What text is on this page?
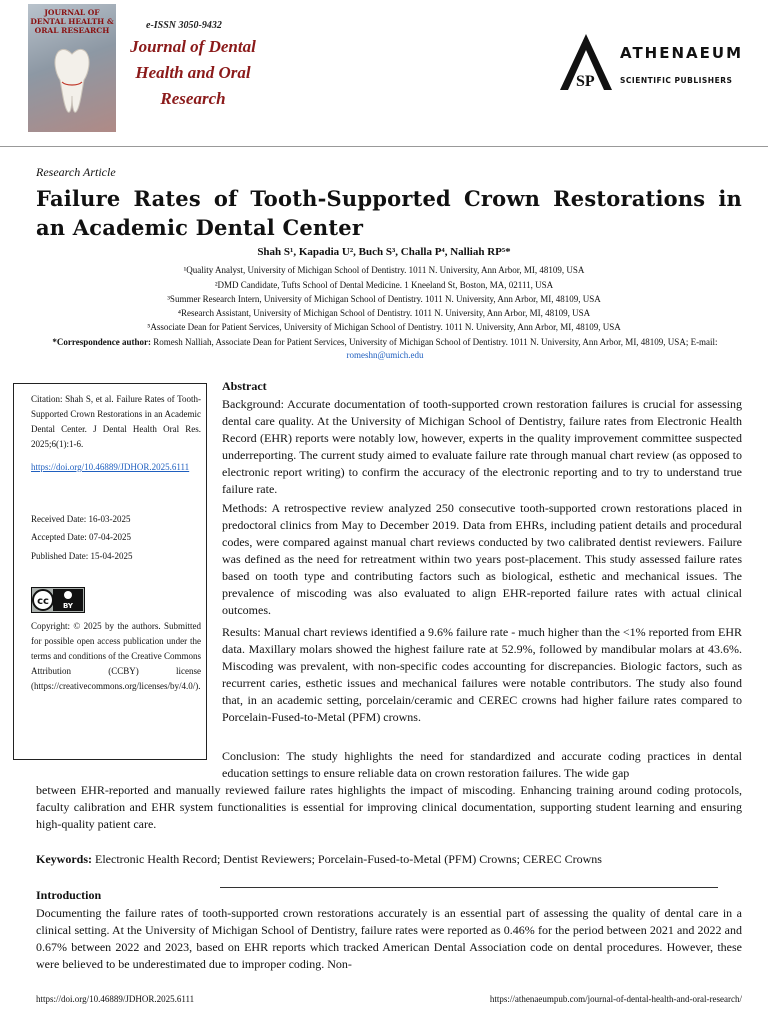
JOURNAL OF DENTAL HEALTH & ORAL RESEARCH	e-ISSN 3050-9432
Journal of Dental Health and Oral Research
SP
ATHENAEUM
SCIENTIFIC PUBLISHERS
Research Article
Failure Rates of Tooth-Supported Crown Restorations in an Academic Dental Center
Shah S¹, Kapadia U², Buch S³, Challa P⁴, Nalliah RP⁵*
¹Quality Analyst, University of Michigan School of Dentistry. 1011 N. University, Ann Arbor, MI, 48109, USA
²DMD Candidate, Tufts School of Dental Medicine. 1 Kneeland St, Boston, MA, 02111, USA
³Summer Research Intern, University of Michigan School of Dentistry. 1011 N. University, Ann Arbor, MI, 48109, USA
⁴Research Assistant, University of Michigan School of Dentistry. 1011 N. University, Ann Arbor, MI, 48109, USA
⁵Associate Dean for Patient Services, University of Michigan School of Dentistry. 1011 N. University, Ann Arbor, MI, 48109, USA
*Correspondence author: Romesh Nalliah, Associate Dean for Patient Services, University of Michigan School of Dentistry. 1011 N. University, Ann Arbor, MI, 48109, USA; E-mail: romeshn@umich.edu
Citation: Shah S, et al. Failure Rates of Tooth-Supported Crown Restorations in an Academic Dental Center. J Dental Health Oral Res. 2025;6(1):1-6.
https://doi.org/10.46889/JDHOR.2025.6111
Received Date: 16-03-2025
Accepted Date: 07-04-2025
Published Date: 15-04-2025
cc BY
Copyright: © 2025 by the authors. Submitted for possible open access publication under the terms and conditions of the Creative Commons Attribution (CCBY) license (https://creativecommons.org/licenses/by/4.0/).
Abstract
Background: Accurate documentation of tooth-supported crown restoration failures is crucial for assessing dental care quality. At the University of Michigan School of Dentistry, failure rates from Electronic Health Record (EHR) reports were notably low, however, experts in the quality improvement committee suspected underreporting. The current study aimed to evaluate failure rate through manual chart review (as opposed to electronic report writing) to confirm the accuracy of the electronic reporting and to try to understand true failure rate.
Methods: A retrospective review analyzed 250 consecutive tooth-supported crown restorations placed in predoctoral clinics from May to December 2019. Data from EHRs, including patient details and procedural codes, were compared against manual chart reviews conducted by two calibrated dentist reviewers. Failure was defined as the need for retreatment within two years post-placement. This study assessed failure rates based on tooth type and contributing factors such as biological, esthetic and mechanical issues. The prevalence of miscoding was also evaluated to align EHR-reported failure rates with actual clinical outcomes.
Results: Manual chart reviews identified a 9.6% failure rate - much higher than the <1% reported from EHR data. Maxillary molars showed the highest failure rate at 52.9%, followed by mandibular molars at 43.6%. Miscoding was prevalent, with non-specific codes accounting for discrepancies. Biologic factors, such as recurrent caries, esthetic issues and mechanical failures were notable contributors. The study also found that, in an academic setting, porcelain/ceramic and CEREC crowns had higher failure rates compared to Porcelain-Fused-to-Metal (PFM) crowns.
Conclusion: The study highlights the need for standardized and accurate coding practices in dental education settings to ensure reliable data on crown restoration failures. The wide gap
between EHR-reported and manually reviewed failure rates highlights the impact of miscoding. Enhancing training around coding protocols, faculty calibration and EHR system functionalities is essential for improving clinical documentation, supporting student learning and ensuring high-quality patient care.
Keywords: Electronic Health Record; Dentist Reviewers; Porcelain-Fused-to-Metal (PFM) Crowns; CEREC Crowns
Introduction
Documenting the failure rates of tooth-supported crown restorations accurately is an essential part of assessing the quality of dental care in a clinical setting. At the University of Michigan School of Dentistry, failure rates were reported as 0.46% for the period between 2021 and 2022 and 0.67% between 2022 and 2023, based on EHR reports which tracked American Dental Association code on dental procedures. However, these were believed to be underestimated due to improper coding. Non-
https://doi.org/10.46889/JDHOR.2025.6111	https://athenaeumpub.com/journal-of-dental-health-and-oral-research/
